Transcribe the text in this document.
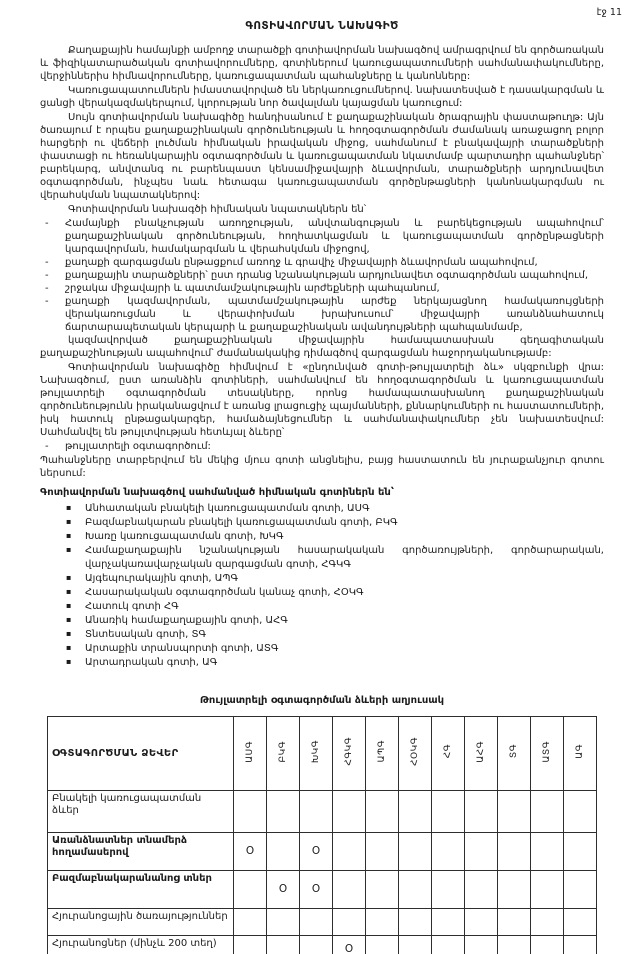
էջ 11
ԳՈՏԻԱՎՈՐՄԱՆ ՆԱԽԱԳԻԾ

Քաղաքային համայնքի ամբողջ տարածքի գոտիավորման նախագծով ամրագրվում են գործառական և ֆիզիկատարածական գոտիավորումները, գոտիներում կառուցապատումների սահմանափակումները, վերջիններիս հիմնավորումները, կառուցապատման պահանջները և կանոնները:

Կառուցապատումներն իմաստավորված են ներկառուցումներով. նախատեսված է դասակարգման և ցանցի վերակազմակերպում, կլորության նոր ծավալման կայացման կառուցում:

Սույն գոտիավորման նախագիծը հանդիսանում է քաղաքաշինական ծրագրային փաստաթուղթ: Այն ծառայում է որպես քաղաքաշինական գործունեության և հողօգտագործման ժամանակ առաջացող բոլոր հարցերի ու վեճերի լուծման հիմնական իրավական միջոց, սահմանում է բնակավայրի տարածքների փաստացի ու հեռանկարային օգտագործման և կառուցապատման նկատմամբ պարտադիր պահանջներ՝ բարեկարգ, անվտանգ ու բարենպաստ կենսամիջավայրի ձևավորման, տարածքների արդյունավետ օգտագործման, ինչպես նաև հետագա կառուցապատման գործընթացների կանոնակարգման ու վերահսկման նպատակներով:

Գոտիավորման նախագծի հիմնական նպատակներն են՝

- Համայնքի բնակչության առողջության, անվտանգության և բարեկեցության ապահովում՝ քաղաքաշինական գործունեության, հողհատկացման և կառուցապատման գործընթացների կարգավորման, համակարգման և վերահսկման միջոցով,
- քաղաքի զարգացման ընթացքում առողջ և գրավիչ միջավայրի ձևավորման ապահովում,
- քաղաքային տարածքների՝ ըստ դրանց նշանակության արդյունավետ օգտագործման ապահովում,
- շրջակա միջավայրի և պատմամշակութային արժեքների պահպանում,
- քաղաքի կազմավորման, պատմամշակութային արժեք ներկայացնող համակառույցների վերակառուցման և վերափոխման խրախուսում՝ միջավայրի առանձնահատուկ ճարտարապետական կերպարի և քաղաքաշինական ավանդույթների պահպանմամբ,

կազմավորված քաղաքաշինական միջավայրին համապատասխան գեղագիտական քաղաքաշինության ապահովում՝ ժամանակակից դիմագծով զարգացման հաջորդականությամբ:

Գոտիավորման նախագիծը հիմնվում է «ընդունված գոտի-թույլատրելի ձև» սկզբունքի վրա: Նախագծում, ըստ առանձին գոտիների, սահմանվում են հողօգտագործման և կառուցապատման թույլատրելի օգտագործման տեսակները, որոնց համապատասխանող քաղաքաշինական գործունեությունն իրականացվում է առանց լրացուցիչ պայմանների, քննարկումների ու հաստատումների, իսկ հատուկ ընթացակարգեր, համաձայնեցումներ և սահմանափակումներ չեն նախատեսվում: Սահմանվել են թույլտվության հետևյալ ձևերը՝

- թույլատրելի օգտագործում:

Պահանջները տարբերվում են մեկից մյուս գոտի անցնելիս, բայց հաստատուն են յուրաքանչյուր գոտու ներսում:

Գոտիավորման նախագծով սահմանված հիմնական գոտիներն են՝

▪ Անհատական բնակելի կառուցապատման գոտի, ԱՍԳ
▪ Բազմաբնակարան բնակելի կառուցապատման գոտի, ԲԿԳ
▪ Խառը կառուցապատման գոտի, ԽԿԳ
▪ Համաքաղաքային նշանակության հասարակական գործառույթների, գործարարական, վարչակառավարչական զարգացման գոտի, ՀԳԿԳ
▪ Այգեպուրակային գոտի, ԱՊԳ
▪ Հասարակական օգտագործման կանաչ գոտի, ՀՕԿԳ
▪ Հատուկ գոտի ՀԳ
▪ Անառիկ համաքաղաքային գոտի, ԱՀԳ
▪ Տնտեսական գոտի, ՏԳ
▪ Արտաքին տրանսպորտի գոտի, ԱՏԳ
▪ Արտադրական գոտի, ԱԳ
Թույլատրելի օգտագործման ձևերի աղյուսակ
ՕԳՏԱԳՈՐԾՄԱՆ ՁԵՎԵՐ	ԱՍԳ	ԲԿԳ	ԽԿԳ	ՀԳԿԳ	ԱՊԳ	ՀՕԿԳ	ՀԳ	ԱՀԳ	ՏԳ	ԱՏԳ	ԱԳ
Բնակելի կառուցապատման ձևեր											
Առանձնատներ տնամերձ հողամասերով	Օ		Օ								
Բազմաբնակարանանոց տներ		Օ	Օ								
Հյուրանոցային ծառայություններ											
Հյուրանոցներ (մինչև 200 տեղ)				Օ							
